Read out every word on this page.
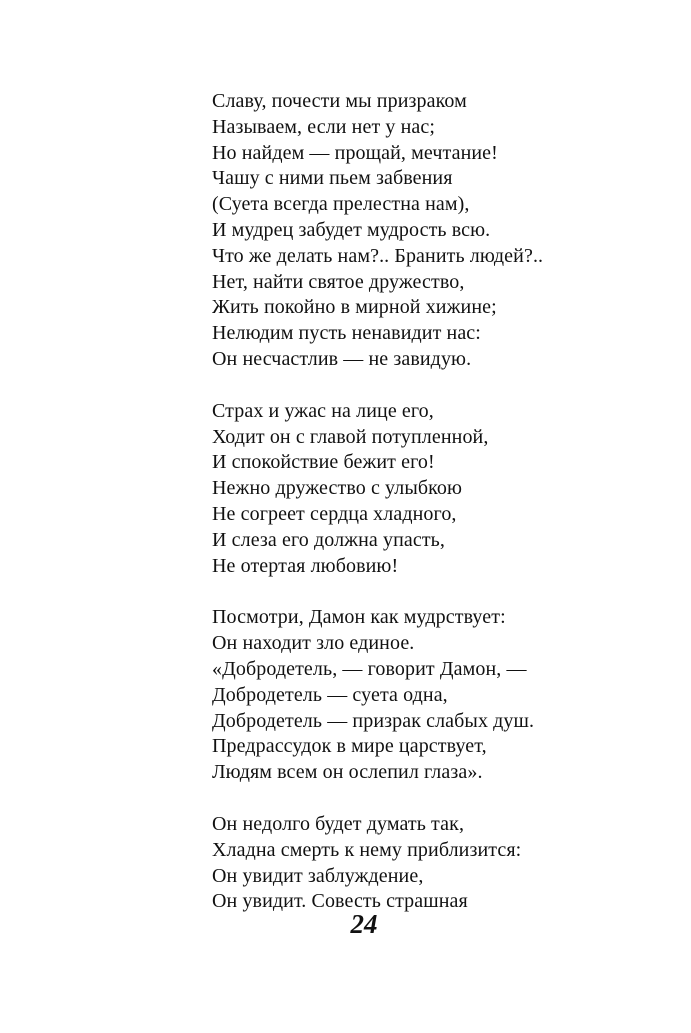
Славу, почести мы призраком
Называем, если нет у нас;
Но найдем — прощай, мечтание!
Чашу с ними пьем забвения
(Суета всегда прелестна нам),
И мудрец забудет мудрость всю.
Что же делать нам?.. Бранить людей?..
Нет, найти святое дружество,
Жить покойно в мирной хижине;
Нелюдим пусть ненавидит нас:
Он несчастлив — не завидую.
Страх и ужас на лице его,
Ходит он с главой потупленной,
И спокойствие бежит его!
Нежно дружество с улыбкою
Не согреет сердца хладного,
И слеза его должна упасть,
Не отертая любовию!
Посмотри, Дамон как мудрствует:
Он находит зло единое.
«Добродетель, — говорит Дамон, —
Добродетель — суета одна,
Добродетель — призрак слабых душ.
Предрассудок в мире царствует,
Людям всем он ослепил глаза».
Он недолго будет думать так,
Хладна смерть к нему приблизится:
Он увидит заблуждение,
Он увидит. Совесть страшная
24
